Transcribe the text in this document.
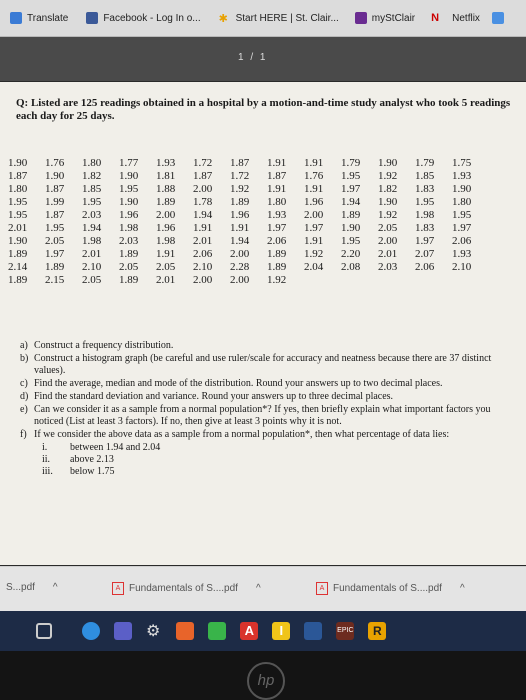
Translate	Facebook - Log In o... ✱ Start HERE | St. Clair...	myStClair N	Netflix
1 / 1
Q: Listed are 125 readings obtained in a hospital by a motion-and-time study analyst who took 5 readings each day for 25 days.
1.90	1.76	1.80	1.77	1.93	1.72	1.87	1.91	1.91	1.79	1.90	1.79	1.75
1.87	1.90	1.82	1.90	1.81	1.87	1.72	1.87	1.76	1.95	1.92	1.85	1.93
1.80	1.87	1.85	1.95	1.88	2.00	1.92	1.91	1.91	1.97	1.82	1.83	1.90
1.95	1.99	1.95	1.90	1.89	1.78	1.89	1.80	1.96	1.94	1.90	1.95	1.80
1.95	1.87	2.03	1.96	2.00	1.94	1.96	1.93	2.00	1.89	1.92	1.98	1.95
2.01	1.95	1.94	1.98	1.96	1.91	1.91	1.97	1.97	1.90	2.05	1.83	1.97
1.90	2.05	1.98	2.03	1.98	2.01	1.94	2.06	1.91	1.95	2.00	1.97	2.06
1.89	1.97	2.01	1.89	1.91	2.06	2.00	1.89	1.92	2.20	2.01	2.07	1.93
2.14	1.89	2.10	2.05	2.05	2.10	2.28	1.89	2.04	2.08	2.03	2.06	2.10
1.89	2.15	2.05	1.89	2.01	2.00	2.00	1.92					
a) Construct a frequency distribution.
b) Construct a histogram graph (be careful and use ruler/scale for accuracy and neatness because there are 37 distinct values).
c) Find the average, median and mode of the distribution. Round your answers up to two decimal places.
d) Find the standard deviation and variance. Round your answers up to three decimal places.
e) Can we consider it as a sample from a normal population*? If yes, then briefly explain what important factors you noticed (List at least 3 factors). If no, then give at least 3 points why it is not.
f) If we consider the above data as a sample from a normal population*, then what percentage of data lies:
i.	between 1.94 and 2.04
ii.	above 2.13
iii.	below 1.75
S...pdf ^	A Fundamentals of S....pdf ^	A Fundamentals of S....pdf ^
⚙	A	I	EPIC	R
hp
